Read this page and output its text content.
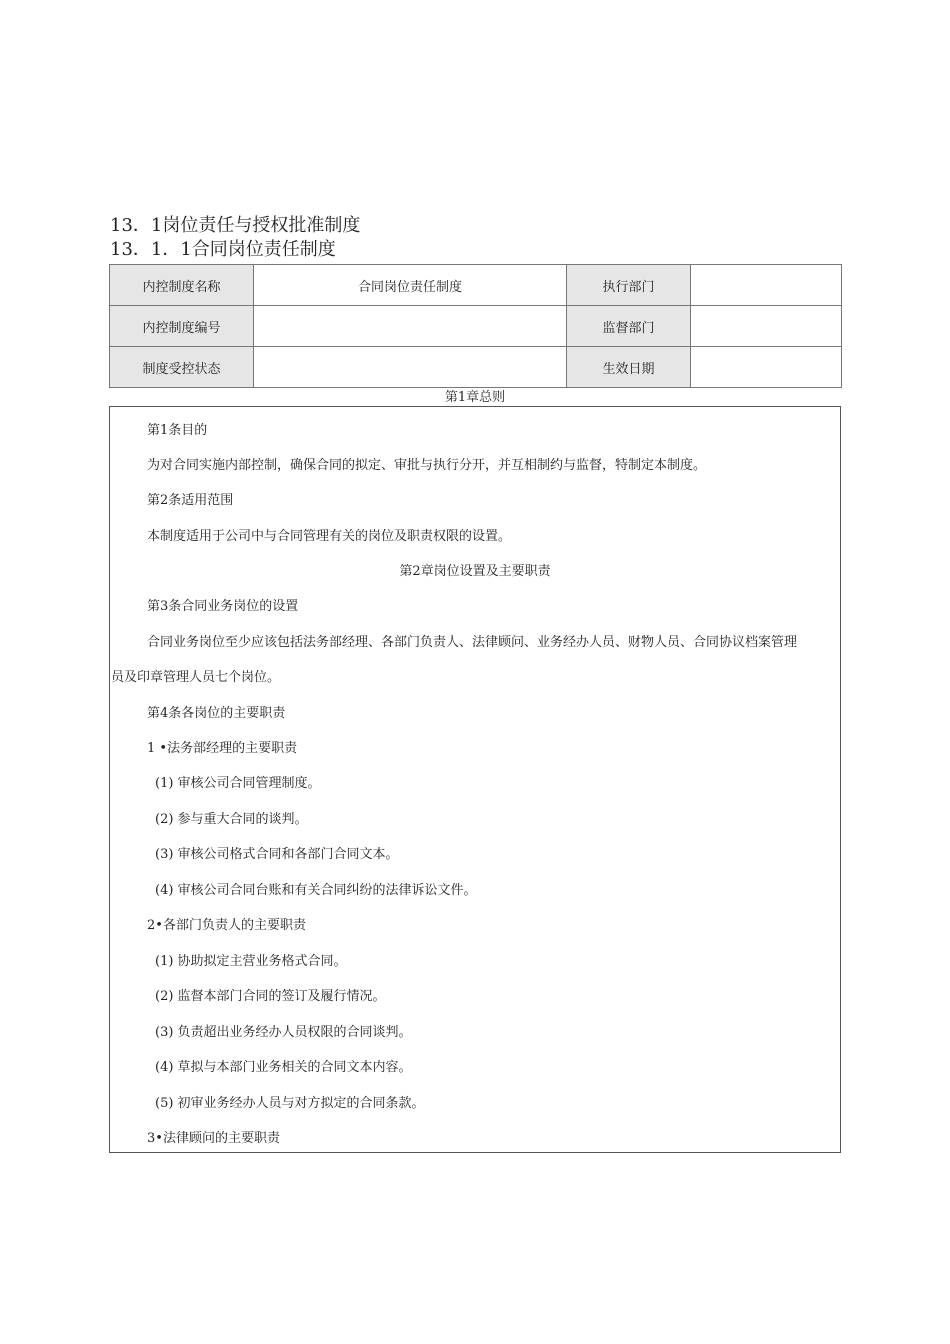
13．1岗位责任与授权批准制度
13．1．1合同岗位责任制度
内控制度名称	合同岗位责任制度	执行部门	
内控制度编号		监督部门	
制度受控状态		生效日期	
第1章总则
第1条目的
为对合同实施内部控制，确保合同的拟定、审批与执行分开，并互相制约与监督，特制定本制度。
第2条适用范围
本制度适用于公司中与合同管理有关的岗位及职责权限的设置。
第2章岗位设置及主要职责
第3条合同业务岗位的设置
合同业务岗位至少应该包括法务部经理、各部门负责人、法律顾问、业务经办人员、财物人员、合同协议档案管理
员及印章管理人员七个岗位。
第4条各岗位的主要职责
1 •法务部经理的主要职责
(1) 审核公司合同管理制度。
(2) 参与重大合同的谈判。
(3) 审核公司格式合同和各部门合同文本。
(4) 审核公司合同台账和有关合同纠纷的法律诉讼文件。
2•各部门负责人的主要职责
(1) 协助拟定主营业务格式合同。
(2) 监督本部门合同的签订及履行情况。
(3) 负责超出业务经办人员权限的合同谈判。
(4) 草拟与本部门业务相关的合同文本内容。
(5) 初审业务经办人员与对方拟定的合同条款。
3•法律顾问的主要职责
